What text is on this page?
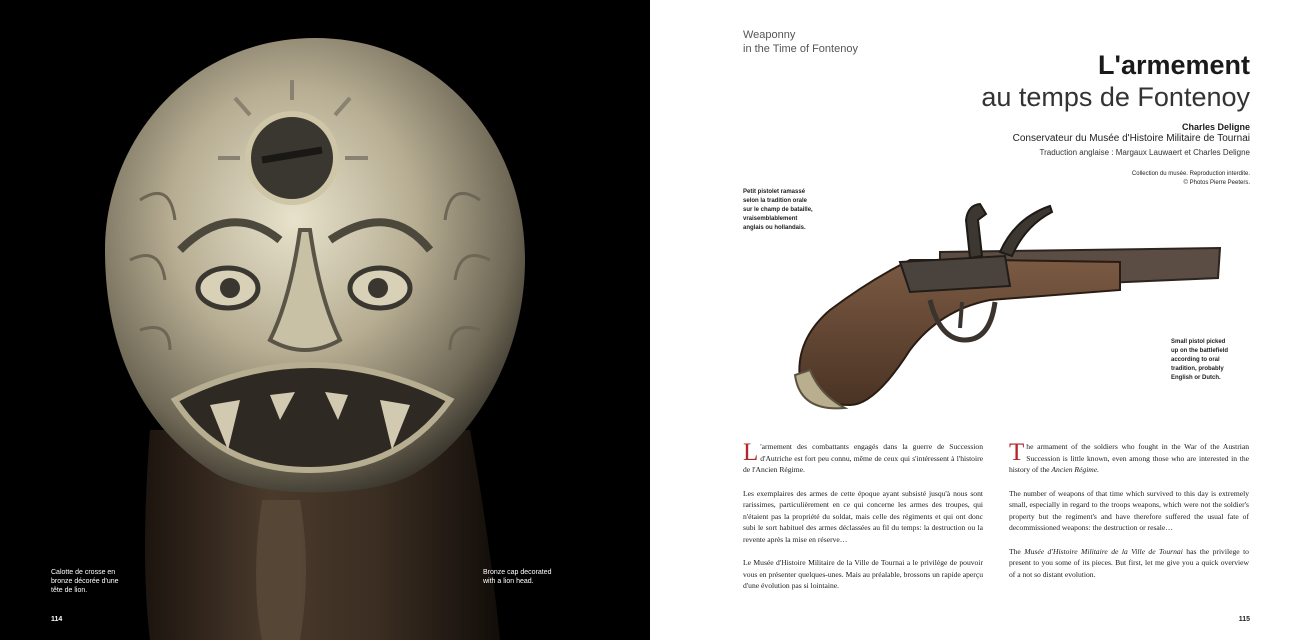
Calotte de crosse en
bronze décorée d'une
tête de lion.
Bronze cap decorated
with a lion head.
114
Weaponny
in the Time of Fontenoy
L'armement
au temps de Fontenoy
Charles Deligne
Conservateur du Musée d'Histoire Militaire de Tournai
Traduction anglaise : Margaux Lauwaert et Charles Deligne
Collection du musée. Reproduction interdite.
© Photos Pierre Peeters.
Petit pistolet ramassé
selon la tradition orale
sur le champ de bataille,
vraisemblablement
anglais ou hollandais.
Small pistol picked
up on the battlefield
according to oral
tradition, probably
English or Dutch.

L 'armement des combattants engagés dans la guerre de Succession d'Autriche est fort peu connu, même de ceux qui s'intéressent à l'histoire de l'Ancien Régime.

Les exemplaires des armes de cette époque ayant subsisté jusqu'à nous sont rarissimes, particulièrement en ce qui concerne les armes des troupes, qui n'étaient pas la propriété du soldat, mais celle des régiments et qui ont donc subi le sort habituel des armes déclassées au fil du temps: la destruction ou la revente après la mise en réserve…

Le Musée d'Histoire Militaire de la Ville de Tournai a le privilège de pouvoir vous en présenter quelques-unes. Mais au préalable, brossons un rapide aperçu d'une évolution pas si lointaine.

The armament of the soldiers who fought in the War of the Austrian Succession is little known, even among those who are interested in the history of the Ancien Régime.

The number of weapons of that time which survived to this day is extremely small, especially in regard to the troops weapons, which were not the soldier's property but the regiment's and have therefore suffered the usual fate of decommissioned weapons: the destruction or resale…

The Musée d'Histoire Militaire de la Ville de Tournai has the privilege to present to you some of its pieces. But first, let me give you a quick overview of a not so distant evolution.

115
